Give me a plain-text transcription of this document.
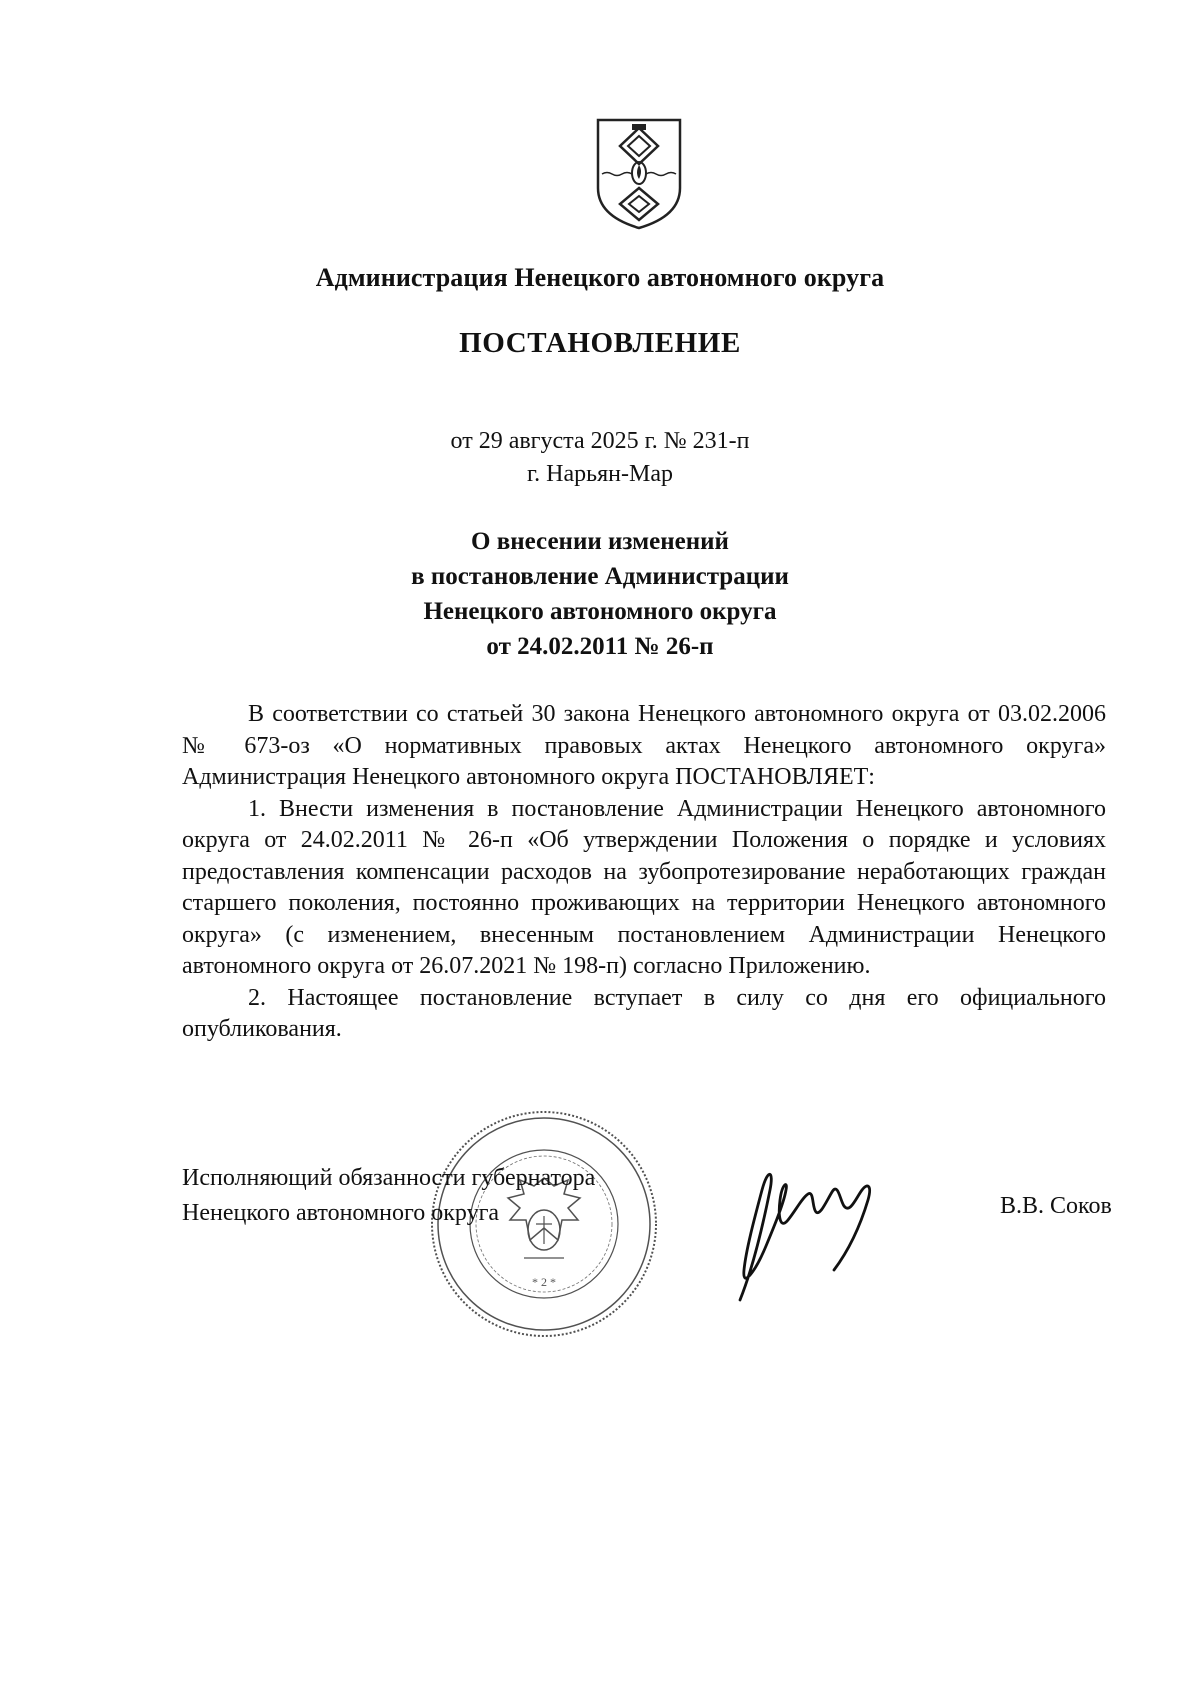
Администрация Ненецкого автономного округа
ПОСТАНОВЛЕНИЕ
от 29 августа 2025 г. № 231-п
г. Нарьян-Мар
О внесении изменений
в постановление Администрации
Ненецкого автономного округа
от 24.02.2011 № 26-п

В соответствии со статьей 30 закона Ненецкого автономного округа от 03.02.2006 № 673-оз «О нормативных правовых актах Ненецкого автономного округа» Администрация Ненецкого автономного округа ПОСТАНОВЛЯЕТ:

1. Внести изменения в постановление Администрации Ненецкого автономного округа от 24.02.2011 № 26-п «Об утверждении Положения о порядке и условиях предоставления компенсации расходов на зубопротезирование неработающих граждан старшего поколения, постоянно проживающих на территории Ненецкого автономного округа» (с изменением, внесенным постановлением Администрации Ненецкого автономного округа от 26.07.2021 № 198-п) согласно Приложению.

2. Настоящее постановление вступает в силу со дня его официального опубликования.

* 2 *
Исполняющий обязанности губернатора
Ненецкого автономного округа	В.В. Соков
